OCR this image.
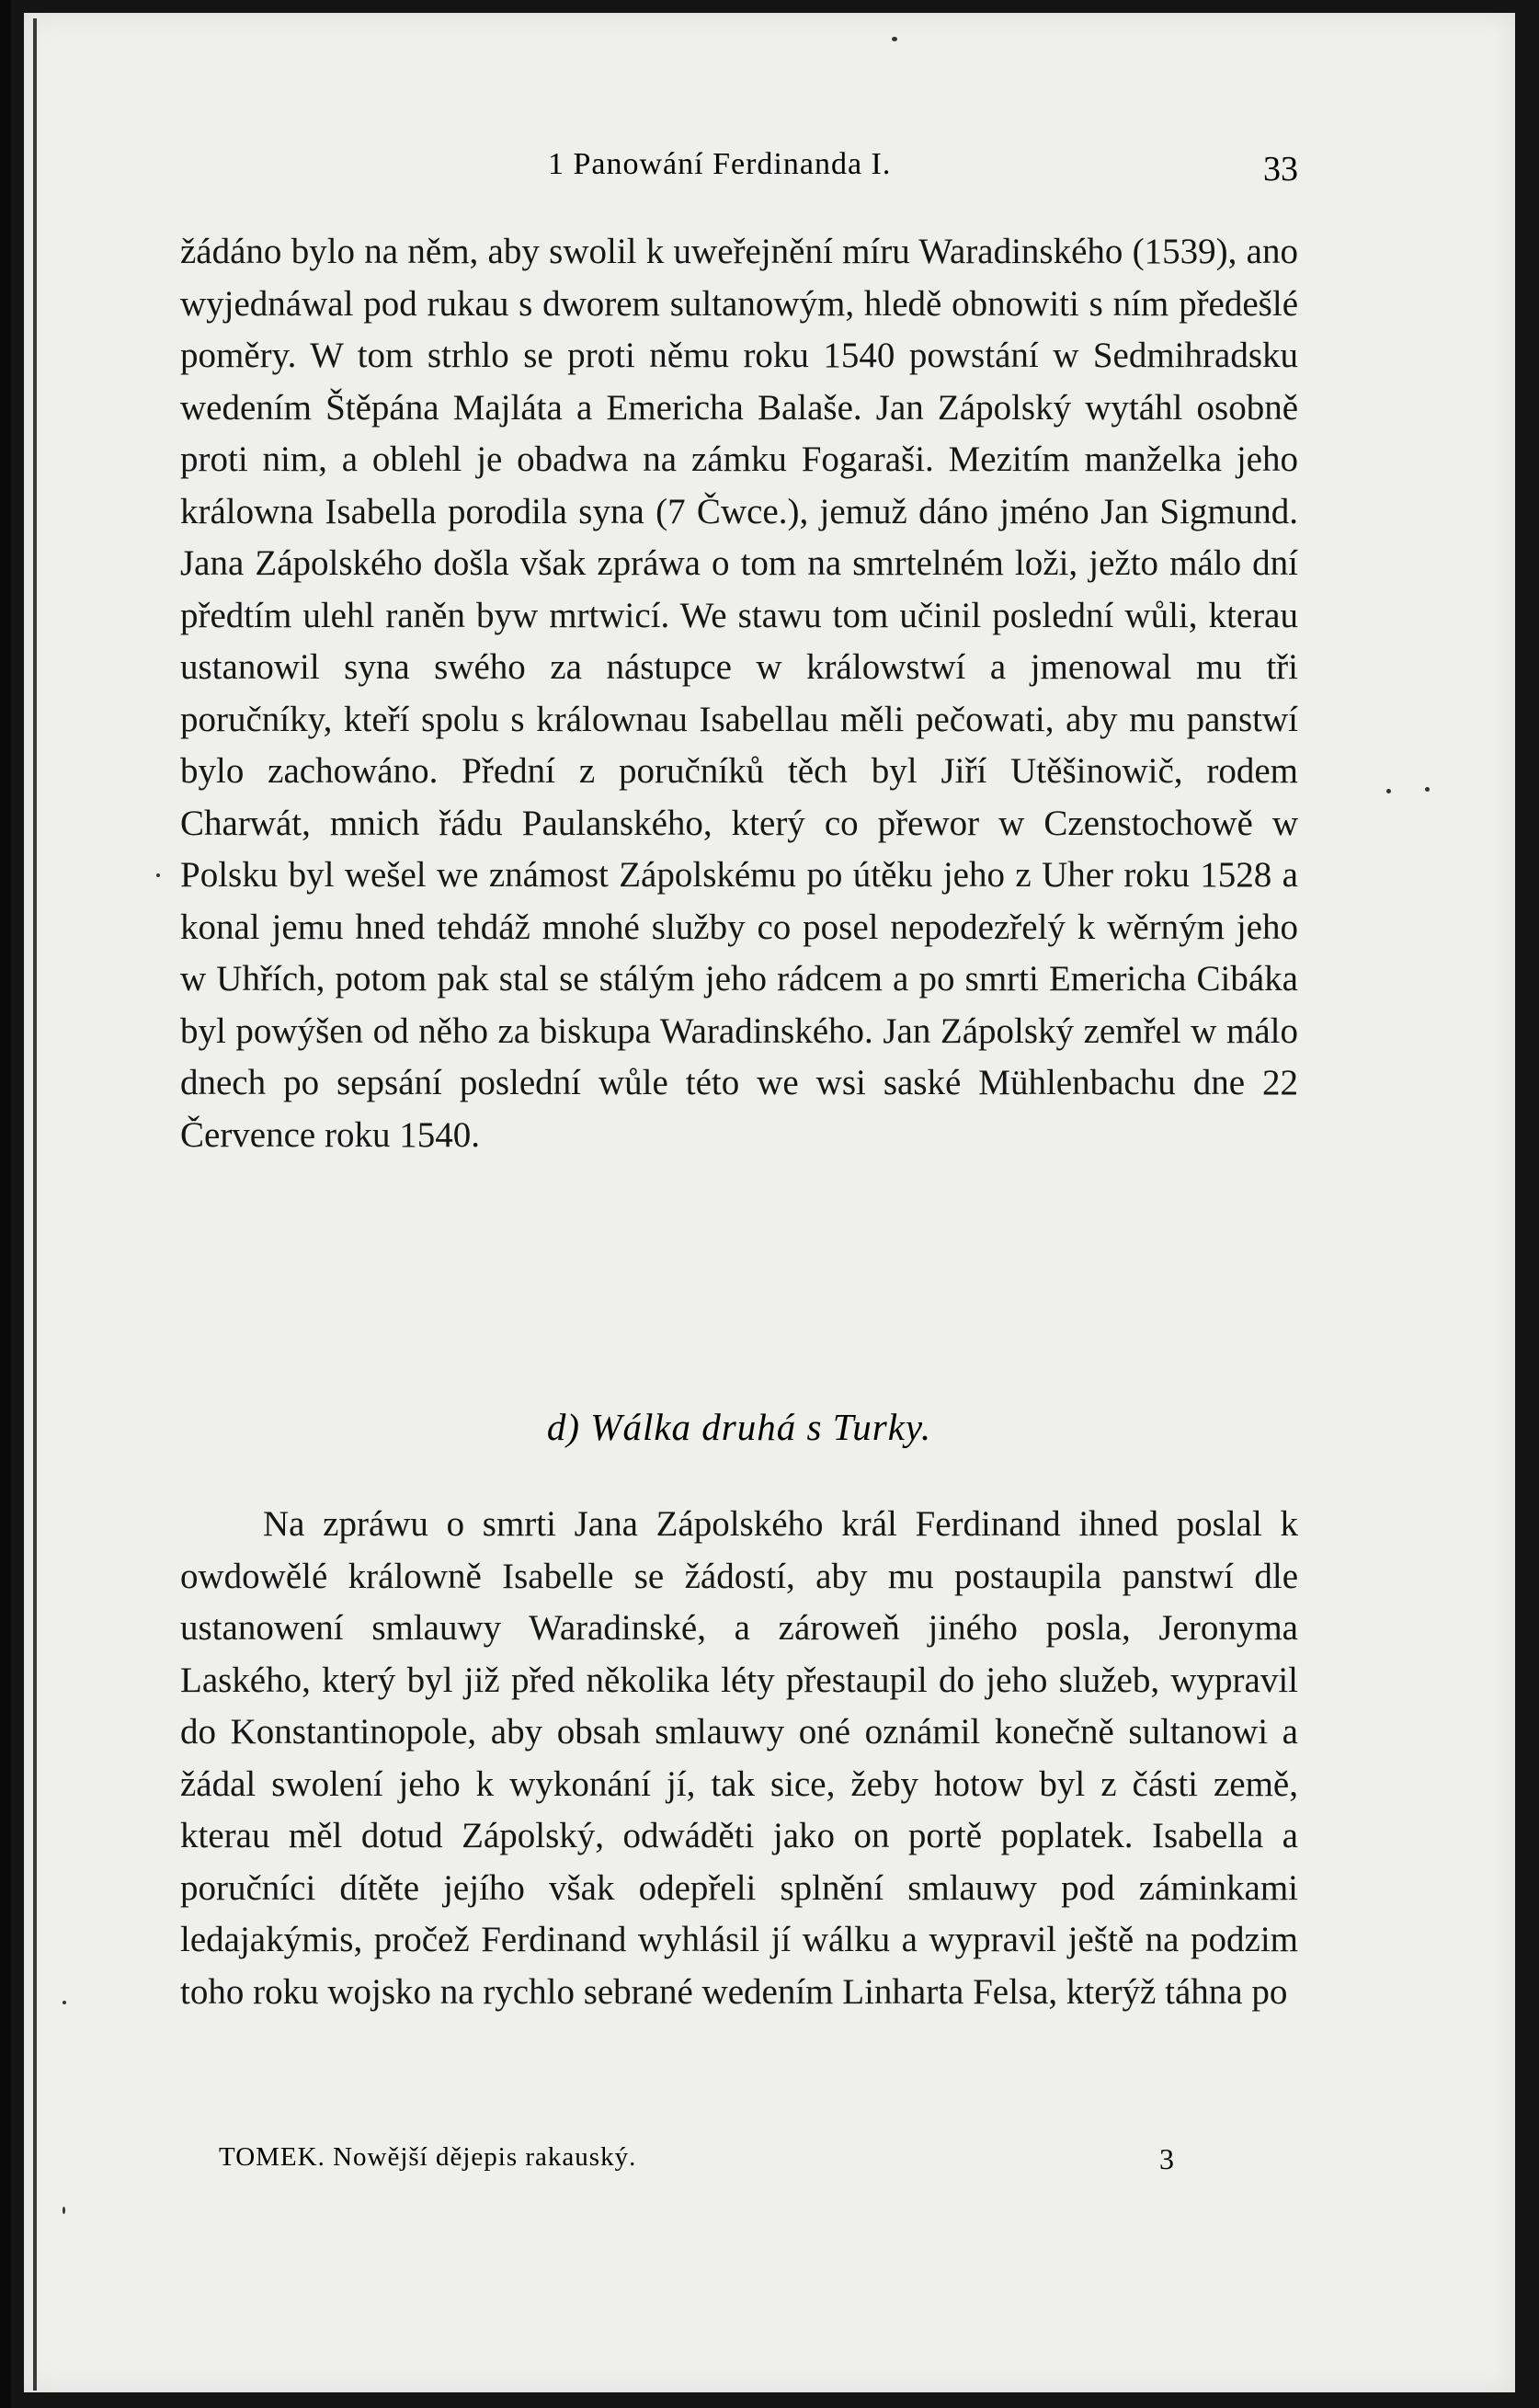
1 Panowání Ferdinanda I.	33

žádáno bylo na něm, aby swolil k uweřejnění míru Waradinského (1539), ano wyjednáwal pod rukau s dworem sultanowým, hledě obnowiti s ním předešlé poměry. W tom strhlo se proti němu roku 1540 powstání w Sedmihradsku wedením Štěpána Majláta a Emericha Balaše. Jan Zápolský wytáhl osobně proti nim, a oblehl je obadwa na zámku Fogaraši. Mezitím manželka jeho králowna Isabella porodila syna (7 Čwce.), jemuž dáno jméno Jan Sigmund. Jana Zápolského došla však zpráwa o tom na smrtelném loži, ježto málo dní předtím ulehl raněn byw mrtwicí. We stawu tom učinil poslední wůli, kterau ustanowil syna swého za nástupce w králowstwí a jmenowal mu tři poručníky, kteří spolu s králownau Isabellau měli pečowati, aby mu panstwí bylo zachowáno. Přední z poručníků těch byl Jiří Utěšinowič, rodem Charwát, mnich řádu Paulanského, který co přewor w Czenstochowě w Polsku byl wešel we známost Zápolskému po útěku jeho z Uher roku 1528 a konal jemu hned tehdáž mnohé služby co posel nepodezřelý k wěrným jeho w Uhřích, potom pak stal se stálým jeho rádcem a po smrti Emericha Cibáka byl powýšen od něho za biskupa Waradinského. Jan Zápolský zemřel w málo dnech po sepsání poslední wůle této we wsi saské Mühlenbachu dne 22 Července roku 1540.

d) Wálka druhá s Turky.

Na zpráwu o smrti Jana Zápolského král Ferdinand ihned poslal k owdowělé králowně Isabelle se žádostí, aby mu postaupila panstwí dle ustanowení smlauwy Waradinské, a zároweň jiného posla, Jeronyma Laského, který byl již před několika léty přestaupil do jeho služeb, wypravil do Konstantinopole, aby obsah smlauwy oné oznámil konečně sultanowi a žádal swolení jeho k wykonání jí, tak sice, žeby hotow byl z části země, kterau měl dotud Zápolský, odwáděti jako on portě poplatek. Isabella a poručníci dítěte jejího však odepřeli splnění smlauwy pod záminkami ledajakýmis, pročež Ferdinand wyhlásil jí wálku a wypravil ještě na podzim toho roku wojsko na rychlo sebrané wedením Linharta Felsa, kterýž táhna po

TOMEK. Nowější dějepis rakauský.	3
